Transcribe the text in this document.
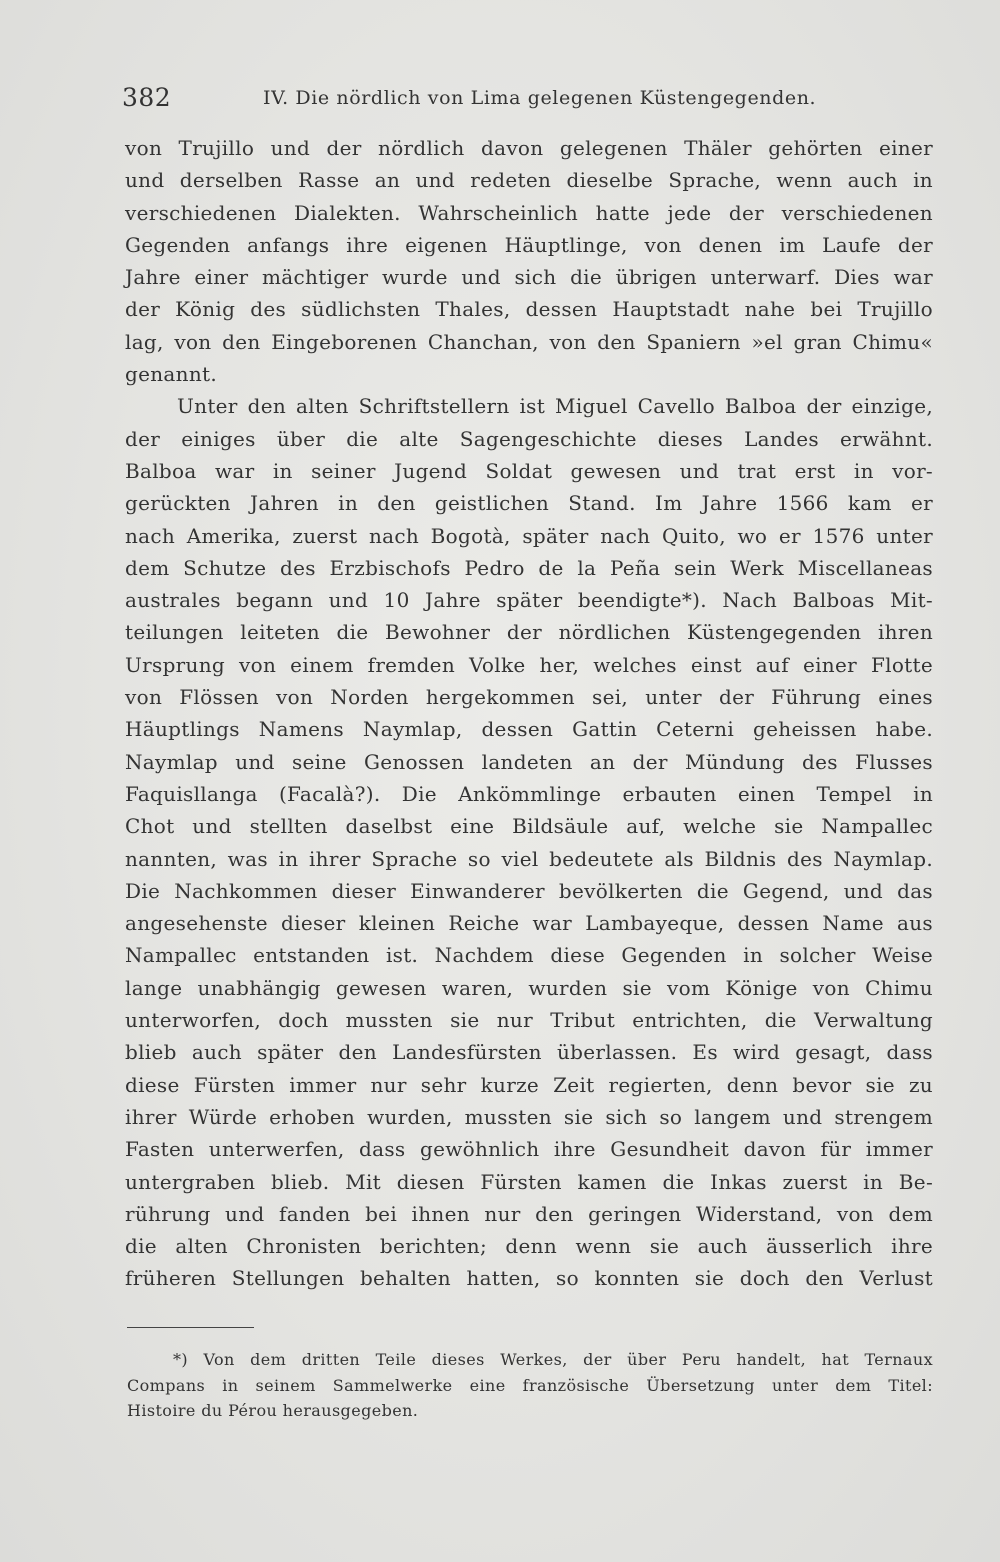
382	IV. Die nördlich von Lima gelegenen Küstengegenden.
von Trujillo und der nördlich davon gelegenen Thäler gehörten einer
und derselben Rasse an und redeten dieselbe Sprache, wenn auch in
verschiedenen Dialekten. Wahrscheinlich hatte jede der verschiedenen
Gegenden anfangs ihre eigenen Häuptlinge, von denen im Laufe der
Jahre einer mächtiger wurde und sich die übrigen unterwarf. Dies war
der König des südlichsten Thales, dessen Hauptstadt nahe bei Trujillo
lag, von den Eingeborenen Chanchan, von den Spaniern »el gran Chimu«
genannt.
Unter den alten Schriftstellern ist Miguel Cavello Balboa der einzige,
der einiges über die alte Sagengeschichte dieses Landes erwähnt.
Balboa war in seiner Jugend Soldat gewesen und trat erst in vor-
gerückten Jahren in den geistlichen Stand. Im Jahre 1566 kam er
nach Amerika, zuerst nach Bogotà, später nach Quito, wo er 1576 unter
dem Schutze des Erzbischofs Pedro de la Peña sein Werk Miscellaneas
australes begann und 10 Jahre später beendigte*). Nach Balboas Mit-
teilungen leiteten die Bewohner der nördlichen Küstengegenden ihren
Ursprung von einem fremden Volke her, welches einst auf einer Flotte
von Flössen von Norden hergekommen sei, unter der Führung eines
Häuptlings Namens Naymlap, dessen Gattin Ceterni geheissen habe.
Naymlap und seine Genossen landeten an der Mündung des Flusses
Faquisllanga (Facalà?). Die Ankömmlinge erbauten einen Tempel in
Chot und stellten daselbst eine Bildsäule auf, welche sie Nampallec
nannten, was in ihrer Sprache so viel bedeutete als Bildnis des Naymlap.
Die Nachkommen dieser Einwanderer bevölkerten die Gegend, und das
angesehenste dieser kleinen Reiche war Lambayeque, dessen Name aus
Nampallec entstanden ist. Nachdem diese Gegenden in solcher Weise
lange unabhängig gewesen waren, wurden sie vom Könige von Chimu
unterworfen, doch mussten sie nur Tribut entrichten, die Verwaltung
blieb auch später den Landesfürsten überlassen. Es wird gesagt, dass
diese Fürsten immer nur sehr kurze Zeit regierten, denn bevor sie zu
ihrer Würde erhoben wurden, mussten sie sich so langem und strengem
Fasten unterwerfen, dass gewöhnlich ihre Gesundheit davon für immer
untergraben blieb. Mit diesen Fürsten kamen die Inkas zuerst in Be-
rührung und fanden bei ihnen nur den geringen Widerstand, von dem
die alten Chronisten berichten; denn wenn sie auch äusserlich ihre
früheren Stellungen behalten hatten, so konnten sie doch den Verlust
*) Von dem dritten Teile dieses Werkes, der über Peru handelt, hat Ternaux
Compans in seinem Sammelwerke eine französische Übersetzung unter dem Titel:
Histoire du Pérou herausgegeben.
